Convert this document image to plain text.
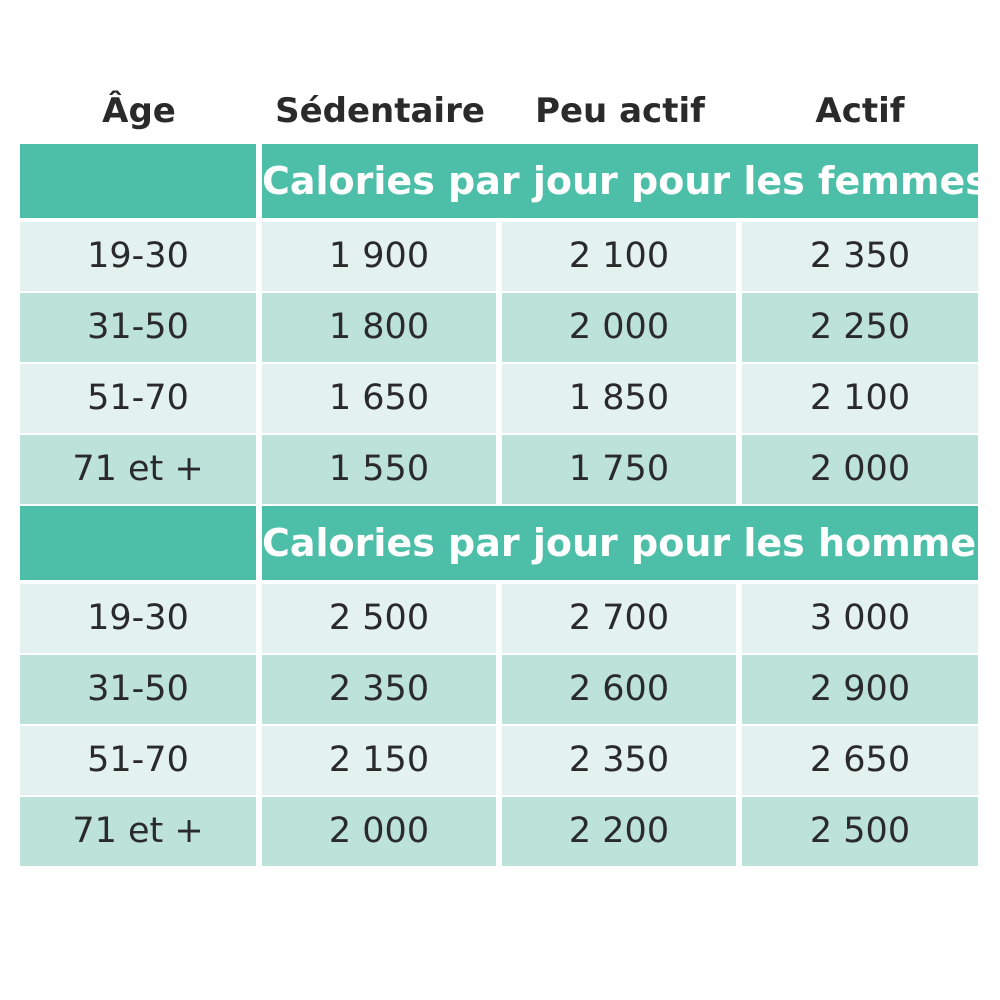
Âge	Sédentaire	Peu actif	Actif
Calories par jour pour les femmes
19-30	1 900	2 100	2 350
31-50	1 800	2 000	2 250
51-70	1 650	1 850	2 100
71 et +	1 550	1 750	2 000
Calories par jour pour les hommes
19-30	2 500	2 700	3 000
31-50	2 350	2 600	2 900
51-70	2 150	2 350	2 650
71 et +	2 000	2 200	2 500
